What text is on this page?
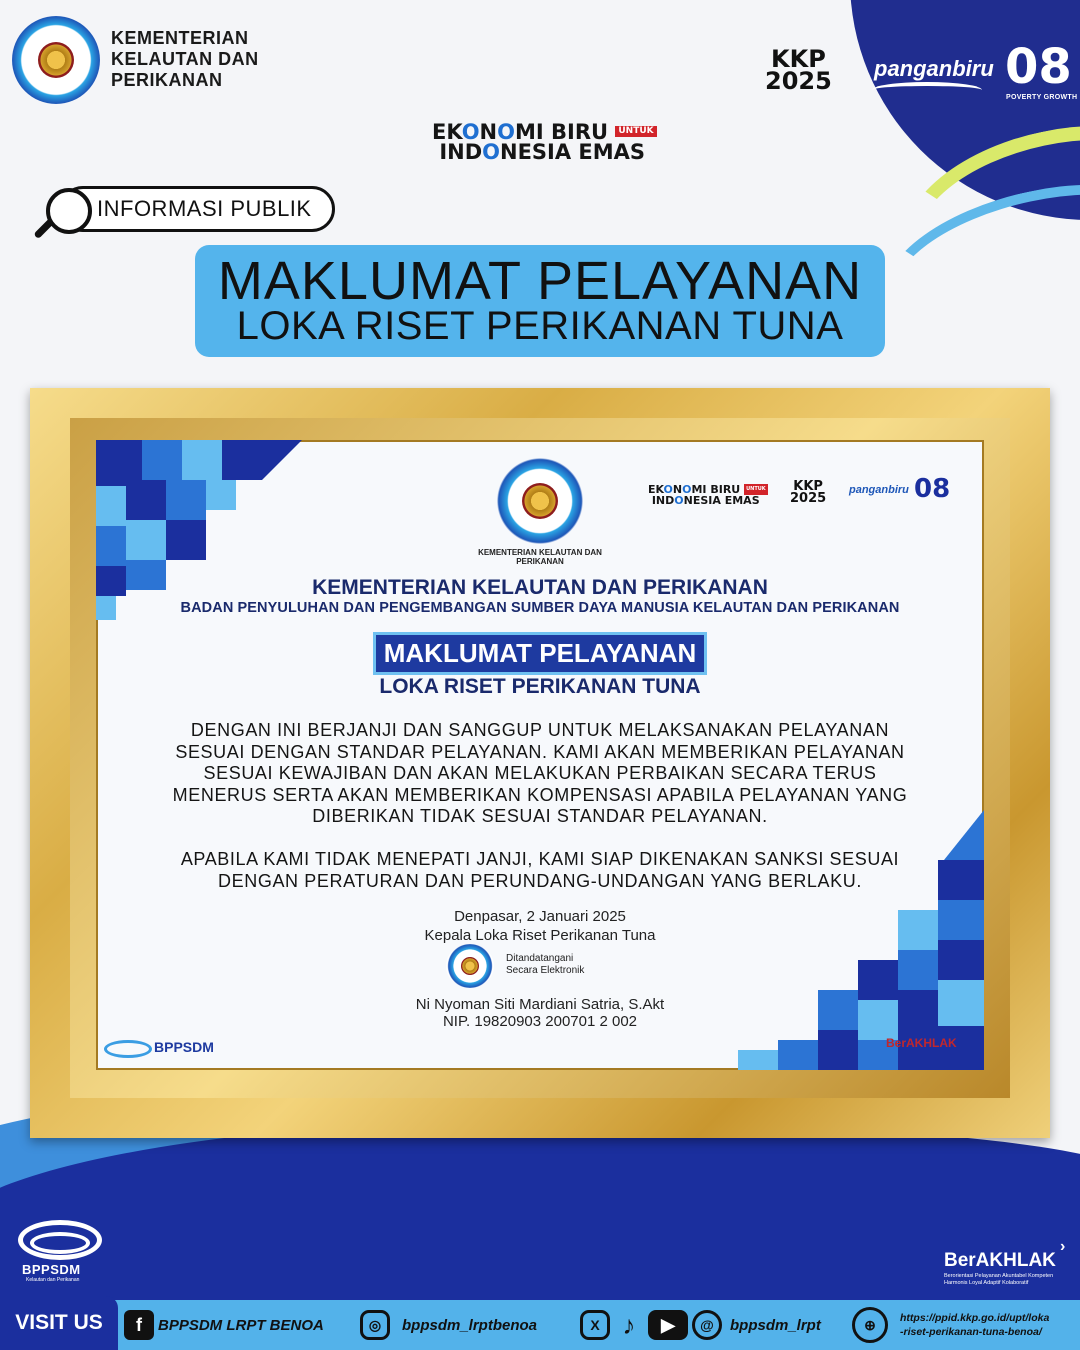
KEMENTERIAN
KELAUTAN DAN
PERIKANAN
KKP
2025 panganbiru 08
POVERTY GROWTH
EKONOMI BIRU UNTUK
INDONESIA EMAS
INFORMASI PUBLIK
MAKLUMAT PELAYANAN
LOKA RISET PERIKANAN TUNA
KEMENTERIAN KELAUTAN DAN PERIKANAN
EKONOMI BIRU UNTUK
INDONESIA EMAS
KKP
2025
panganbiru 08
KEMENTERIAN KELAUTAN DAN PERIKANAN
BADAN PENYULUHAN DAN PENGEMBANGAN SUMBER DAYA MANUSIA KELAUTAN DAN PERIKANAN
MAKLUMAT PELAYANAN
LOKA RISET PERIKANAN TUNA
DENGAN INI BERJANJI DAN SANGGUP UNTUK MELAKSANAKAN PELAYANAN
SESUAI DENGAN STANDAR PELAYANAN. KAMI AKAN MEMBERIKAN PELAYANAN
SESUAI KEWAJIBAN DAN AKAN MELAKUKAN PERBAIKAN SECARA TERUS
MENERUS SERTA AKAN MEMBERIKAN KOMPENSASI APABILA PELAYANAN YANG
DIBERIKAN TIDAK SESUAI STANDAR PELAYANAN.
APABILA KAMI TIDAK MENEPATI JANJI, KAMI SIAP DIKENAKAN SANKSI SESUAI
DENGAN PERATURAN DAN PERUNDANG-UNDANGAN YANG BERLAKU.
Denpasar, 2 Januari 2025
Kepala Loka Riset Perikanan Tuna
Ditandatangani
Secara Elektronik
Ni Nyoman Siti Mardiani Satria, S.Akt
NIP. 19820903 200701 2 002
BPPSDM	BerAKHLAK
BPPSDM
Kelautan dan Perikanan
BerAKHLAK
›
Berorientasi Pelayanan Akuntabel Kompeten Harmonis Loyal Adaptif Kolaboratif
VISIT US	f	BPPSDM LRPT BENOA	◎	bppsdm_lrptbenoa	X ♪	▶	@	bppsdm_lrpt	⊕	https://ppid.kkp.go.id/upt/loka
-riset-perikanan-tuna-benoa/
